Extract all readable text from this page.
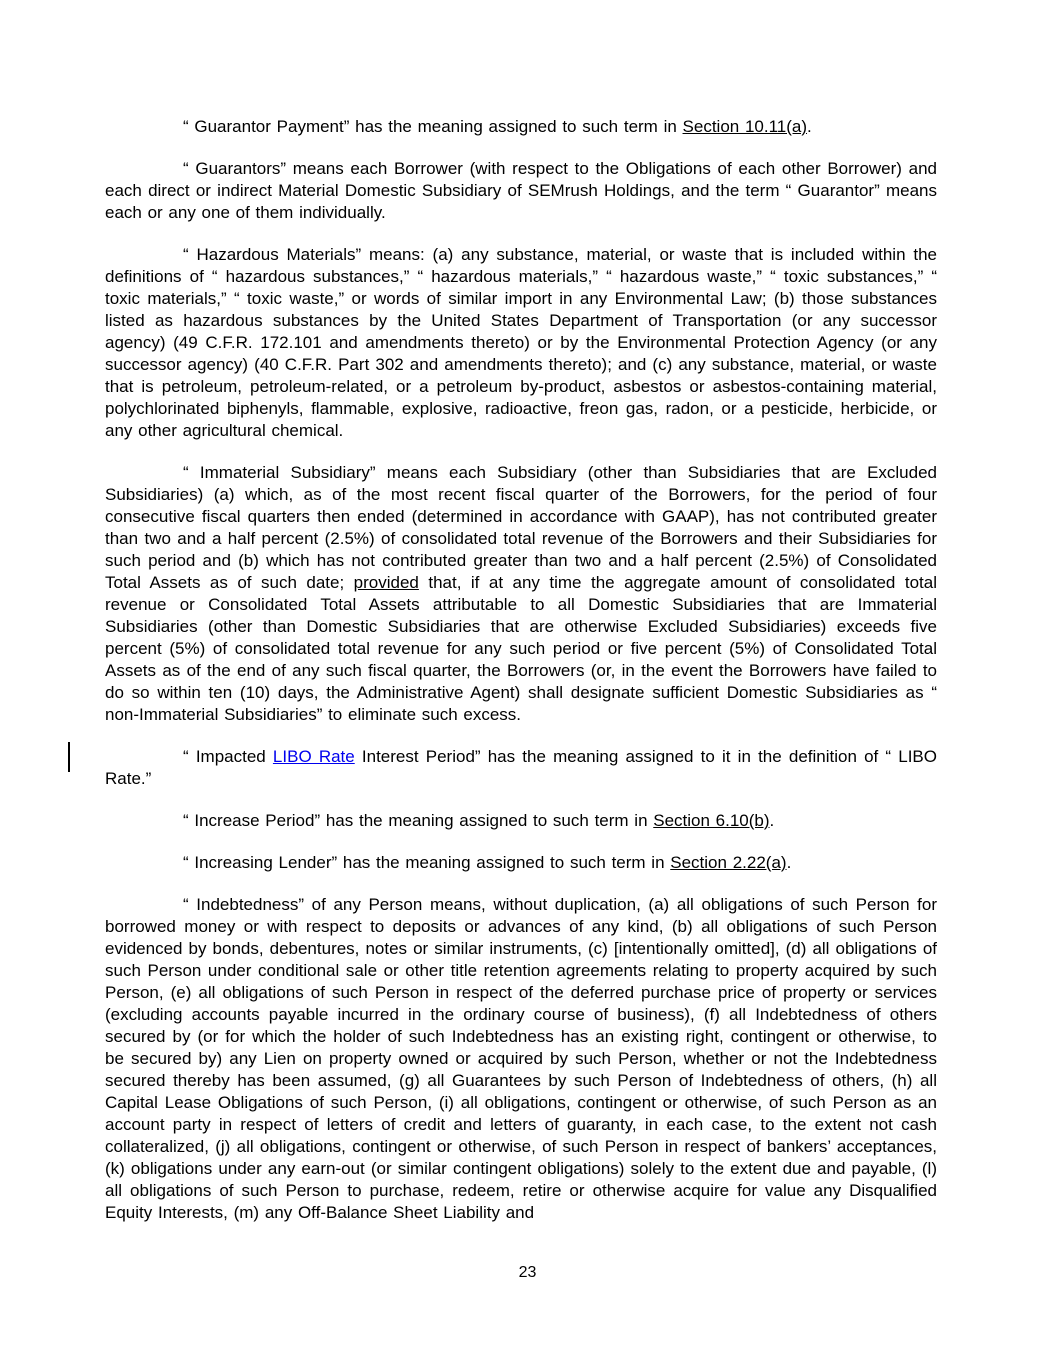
“ Guarantor Payment” has the meaning assigned to such term in Section 10.11(a).

“ Guarantors” means each Borrower (with respect to the Obligations of each other Borrower) and each direct or indirect Material Domestic Subsidiary of SEMrush Holdings, and the term “ Guarantor” means each or any one of them individually.

“ Hazardous Materials” means: (a) any substance, material, or waste that is included within the definitions of “ hazardous substances,” “ hazardous materials,” “ hazardous waste,” “ toxic substances,” “ toxic materials,” “ toxic waste,” or words of similar import in any Environmental Law; (b) those substances listed as hazardous substances by the United States Department of Transportation (or any successor agency) (49 C.F.R. 172.101 and amendments thereto) or by the Environmental Protection Agency (or any successor agency) (40 C.F.R. Part 302 and amendments thereto); and (c) any substance, material, or waste that is petroleum, petroleum-related, or a petroleum by-product, asbestos or asbestos-containing material, polychlorinated biphenyls, flammable, explosive, radioactive, freon gas, radon, or a pesticide, herbicide, or any other agricultural chemical.

“ Immaterial Subsidiary” means each Subsidiary (other than Subsidiaries that are Excluded Subsidiaries) (a) which, as of the most recent fiscal quarter of the Borrowers, for the period of four consecutive fiscal quarters then ended (determined in accordance with GAAP), has not contributed greater than two and a half percent (2.5%) of consolidated total revenue of the Borrowers and their Subsidiaries for such period and (b) which has not contributed greater than two and a half percent (2.5%) of Consolidated Total Assets as of such date; provided that, if at any time the aggregate amount of consolidated total revenue or Consolidated Total Assets attributable to all Domestic Subsidiaries that are Immaterial Subsidiaries (other than Domestic Subsidiaries that are otherwise Excluded Subsidiaries) exceeds five percent (5%) of consolidated total revenue for any such period or five percent (5%) of Consolidated Total Assets as of the end of any such fiscal quarter, the Borrowers (or, in the event the Borrowers have failed to do so within ten (10) days, the Administrative Agent) shall designate sufficient Domestic Subsidiaries as “ non-Immaterial Subsidiaries” to eliminate such excess.

“ Impacted LIBO Rate Interest Period” has the meaning assigned to it in the definition of “ LIBO Rate.”

“ Increase Period” has the meaning assigned to such term in Section 6.10(b).

“ Increasing Lender” has the meaning assigned to such term in Section 2.22(a).

“ Indebtedness” of any Person means, without duplication, (a) all obligations of such Person for borrowed money or with respect to deposits or advances of any kind, (b) all obligations of such Person evidenced by bonds, debentures, notes or similar instruments, (c) [intentionally omitted], (d) all obligations of such Person under conditional sale or other title retention agreements relating to property acquired by such Person, (e) all obligations of such Person in respect of the deferred purchase price of property or services (excluding accounts payable incurred in the ordinary course of business), (f) all Indebtedness of others secured by (or for which the holder of such Indebtedness has an existing right, contingent or otherwise, to be secured by) any Lien on property owned or acquired by such Person, whether or not the Indebtedness secured thereby has been assumed, (g) all Guarantees by such Person of Indebtedness of others, (h) all Capital Lease Obligations of such Person, (i) all obligations, contingent or otherwise, of such Person as an account party in respect of letters of credit and letters of guaranty, in each case, to the extent not cash collateralized, (j) all obligations, contingent or otherwise, of such Person in respect of bankers’ acceptances, (k) obligations under any earn-out (or similar contingent obligations) solely to the extent due and payable, (l) all obligations of such Person to purchase, redeem, retire or otherwise acquire for value any Disqualified Equity Interests, (m) any Off-Balance Sheet Liability and

23
